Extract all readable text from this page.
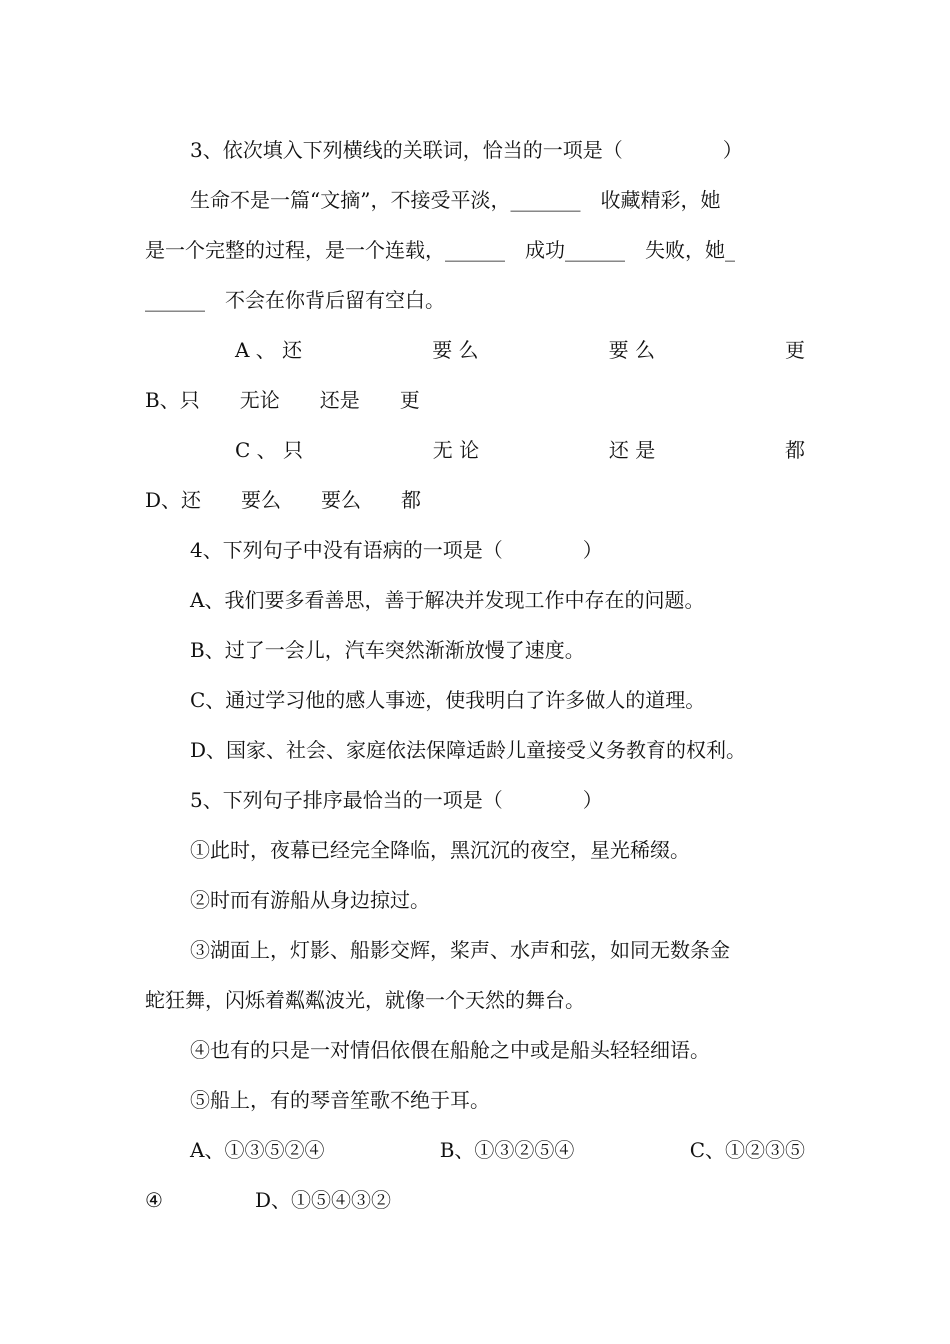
3、依次填入下列横线的关联词，恰当的一项是（　　　　　）
生命不是一篇“文摘”，不接受平淡，_______　收藏精彩，她
是一个完整的过程，是一个连载，______　成功______　失败，她_
______　不会在你背后留有空白。
A 、 还	要 么	要 么	更
B、只　　无论　　还是　　更
C 、 只	无 论	还 是	都
D、还　　要么　　要么　　都
4、下列句子中没有语病的一项是（　　　　）
A、我们要多看善思，善于解决并发现工作中存在的问题。
B、过了一会儿，汽车突然渐渐放慢了速度。
C、通过学习他的感人事迹，使我明白了许多做人的道理。
D、国家、社会、家庭依法保障适龄儿童接受义务教育的权利。
5、下列句子排序最恰当的一项是（　　　　）
①此时，夜幕已经完全降临，黑沉沉的夜空，星光稀缀。
②时而有游船从身边掠过。
③湖面上，灯影、船影交辉，桨声、水声和弦，如同无数条金
蛇狂舞，闪烁着粼粼波光，就像一个天然的舞台。
④也有的只是一对情侣依偎在船舱之中或是船头轻轻细语。
⑤船上，有的琴音笙歌不绝于耳。
A、①③⑤②④	B、①③②⑤④	C、①②③⑤
④	D、①⑤④③②
